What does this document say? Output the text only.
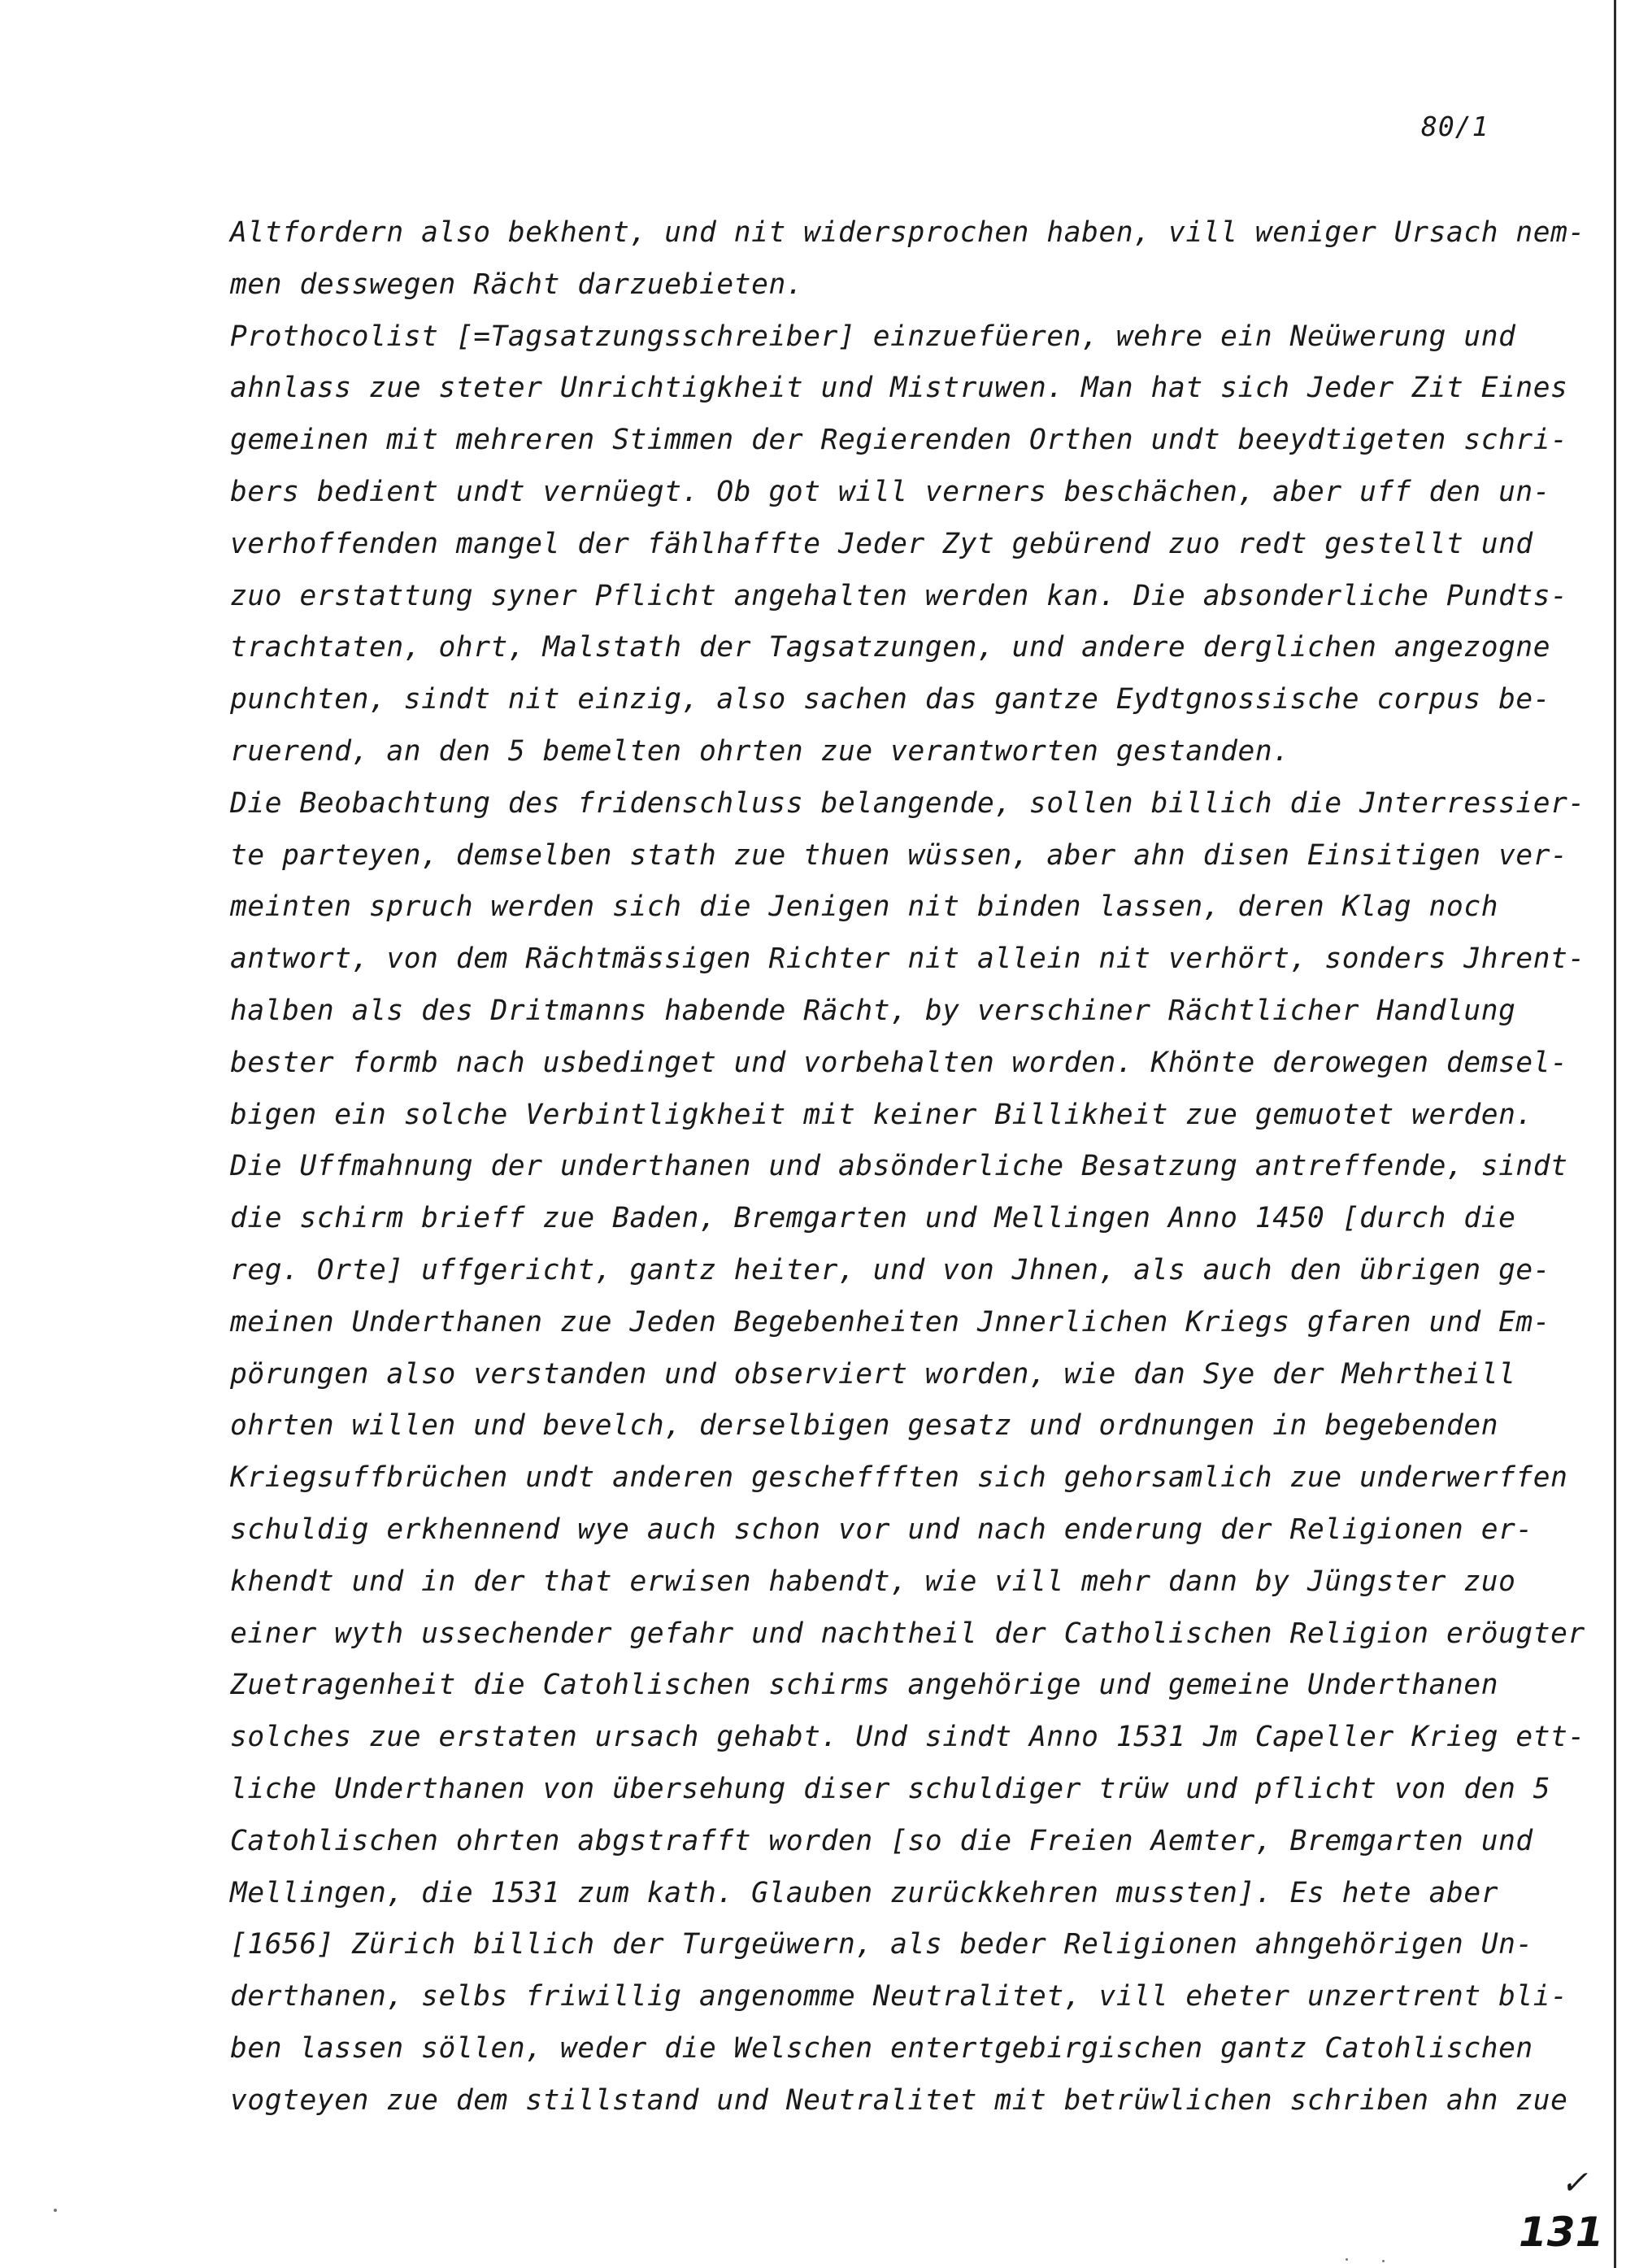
80/1
Altfordern also bekhent, und nit widersprochen haben, vill weniger Ursach nem-
men desswegen Rächt darzuebieten.
Prothocolist [=Tagsatzungsschreiber] einzuefüeren, wehre ein Neüwerung und
ahnlass zue steter Unrichtigkheit und Mistruwen. Man hat sich Jeder Zit Eines
gemeinen mit mehreren Stimmen der Regierenden Orthen undt beeydtigeten schri-
bers bedient undt vernüegt. Ob got will verners beschächen, aber uff den un-
verhoffenden mangel der fählhaffte Jeder Zyt gebürend zuo redt gestellt und
zuo erstattung syner Pflicht angehalten werden kan. Die absonderliche Pundts-
trachtaten, ohrt, Malstath der Tagsatzungen, und andere derglichen angezogne
punchten, sindt nit einzig, also sachen das gantze Eydtgnossische corpus be-
ruerend, an den 5 bemelten ohrten zue verantworten gestanden.
Die Beobachtung des fridenschluss belangende, sollen billich die Jnterressier-
te parteyen, demselben stath zue thuen wüssen, aber ahn disen Einsitigen ver-
meinten spruch werden sich die Jenigen nit binden lassen, deren Klag noch
antwort, von dem Rächtmässigen Richter nit allein nit verhört, sonders Jhrent-
halben als des Dritmanns habende Rächt, by verschiner Rächtlicher Handlung
bester formb nach usbedinget und vorbehalten worden. Khönte derowegen demsel-
bigen ein solche Verbintligkheit mit keiner Billikheit zue gemuotet werden.
Die Uffmahnung der underthanen und absönderliche Besatzung antreffende, sindt
die schirm brieff zue Baden, Bremgarten und Mellingen Anno 1450 [durch die
reg. Orte] uffgericht, gantz heiter, und von Jhnen, als auch den übrigen ge-
meinen Underthanen zue Jeden Begebenheiten Jnnerlichen Kriegs gfaren und Em-
pörungen also verstanden und observiert worden, wie dan Sye der Mehrtheill
ohrten willen und bevelch, derselbigen gesatz und ordnungen in begebenden
Kriegsuffbrüchen undt anderen gescheffften sich gehorsamlich zue underwerffen
schuldig erkhennend wye auch schon vor und nach enderung der Religionen er-
khendt und in der that erwisen habendt, wie vill mehr dann by Jüngster zuo
einer wyth ussechender gefahr und nachtheil der Catholischen Religion eröugter
Zuetragenheit die Catohlischen schirms angehörige und gemeine Underthanen
solches zue erstaten ursach gehabt. Und sindt Anno 1531 Jm Capeller Krieg ett-
liche Underthanen von übersehung diser schuldiger trüw und pflicht von den 5
Catohlischen ohrten abgstrafft worden [so die Freien Aemter, Bremgarten und
Mellingen, die 1531 zum kath. Glauben zurückkehren mussten]. Es hete aber
[1656] Zürich billich der Turgeüwern, als beder Religionen ahngehörigen Un-
derthanen, selbs friwillig angenomme Neutralitet, vill eheter unzertrent bli-
ben lassen söllen, weder die Welschen entertgebirgischen gantz Catohlischen
vogteyen zue dem stillstand und Neutralitet mit betrüwlichen schriben ahn zue
✓
131
